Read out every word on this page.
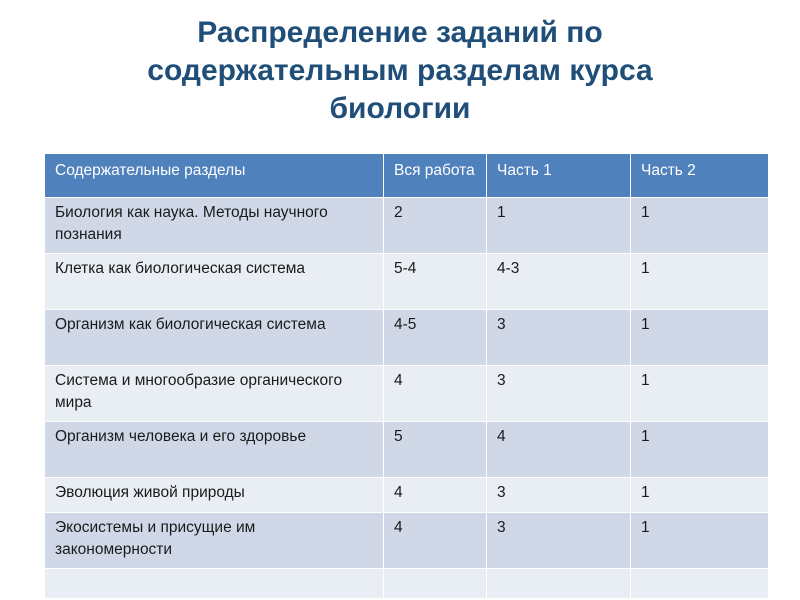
Распределение заданий по
содержательным разделам курса
биологии
Содержательные разделы	Вся работа	Часть 1	Часть 2
Биология как наука. Методы научного познания	2	1	1
Клетка как биологическая система	5-4	4-3	1
Организм как биологическая система	4-5	3	1
Система и многообразие органического мира	4	3	1
Организм человека и его здоровье	5	4	1
Эволюция живой природы	4	3	1
Экосистемы и присущие им закономерности	4	3	1
